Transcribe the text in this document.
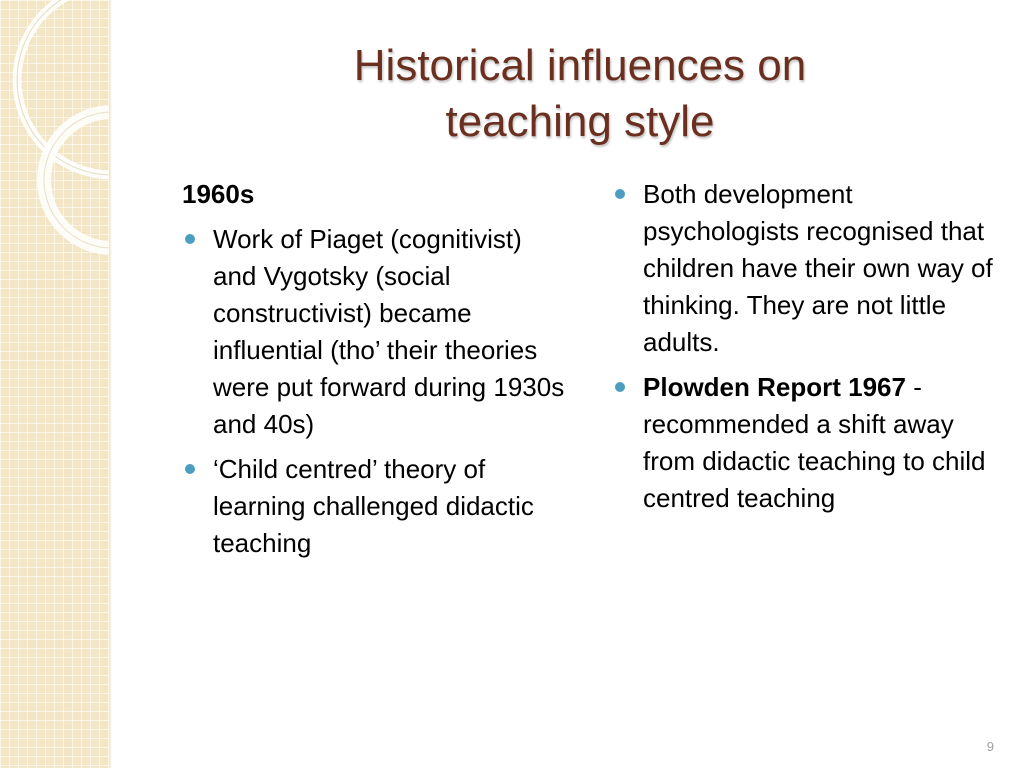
Historical influences on
teaching style
1960s
Work of Piaget (cognitivist) and Vygotsky (social constructivist) became influential (tho’ their theories were put forward during 1930s and 40s)
‘Child centred’ theory of learning challenged didactic teaching
Both development psychologists recognised that children have their own way of thinking. They are not little adults.
Plowden Report 1967 -recommended a shift away from didactic teaching to child centred teaching
9
